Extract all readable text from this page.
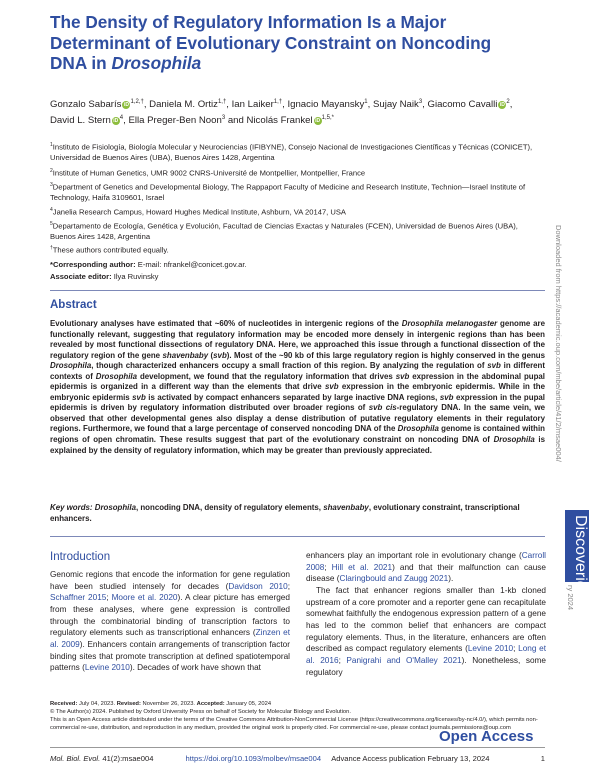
The Density of Regulatory Information Is a Major Determinant of Evolutionary Constraint on Noncoding DNA in Drosophila
Gonzalo Sabarís $iD^{1,2,\dagger}$, Daniela M. Ortiz$^{1,\dagger}$, Ian Laiker$^{1,\dagger}$, Ignacio Mayansky$^1$, Sujay Naik$^3$, Giacomo Cavalli $iD^2$, David L. Stern $iD^4$, Ella Preger-Ben Noon$^3$ and Nicolás Frankel $iD^{1,5,*}$
*Corresponding author: E-mail: nfrankel@conicet.gov.ar.
Associate editor: Ilya Ruvinsky
Abstract
Evolutionary analyses have estimated that ~60% of nucleotides in intergenic regions of the Drosophila melanogaster genome are functionally relevant, suggesting that regulatory information may be encoded more densely in intergenic regions than has been revealed by most functional dissections of regulatory DNA. Here, we approached this issue through a functional dissection of the regulatory region of the gene shavenbaby (svb). Most of the ~90 kb of this large regulatory region is highly conserved in the genus Drosophila, though characterized enhancers occupy a small fraction of this region. By analyzing the regulation of svb in different contexts of Drosophila development, we found that the regulatory information that drives svb expression in the abdominal pupal epidermis is organized in a different way than the elements that drive svb expression in the embryonic epidermis. While in the embryonic epidermis svb is activated by compact enhancers separated by large inactive DNA regions, svb expression in the pupal epidermis is driven by regulatory information distributed over broader regions of svb cis-regulatory DNA. In the same vein, we observed that other developmental genes also display a dense distribution of putative regulatory elements in their regulatory regions. Furthermore, we found that a large percentage of conserved noncoding DNA of the Drosophila genome is contained within regions of open chromatin. These results suggest that part of the evolutionary constraint on noncoding DNA of Drosophila is explained by the density of regulatory information, which may be greater than previously appreciated.
Key words: Drosophila, noncoding DNA, density of regulatory elements, shavenbaby, evolutionary constraint, transcriptional enhancers.
Introduction

Genomic regions that encode the information for gene regulation have been studied intensely for decades (Davidson 2010; Schaffner 2015; Moore et al. 2020). A clear picture has emerged from these analyses, where gene expression is controlled through the combinatorial binding of transcription factors to regulatory elements such as transcriptional enhancers (Zinzen et al. 2009). Enhancers contain arrangements of transcription factor binding sites that promote transcription at defined spatiotemporal patterns (Levine 2010). Decades of work have shown that

enhancers play an important role in evolutionary change (Carroll 2008; Hill et al. 2021) and that their malfunction can cause disease (Claringbould and Zaugg 2021).

The fact that enhancer regions smaller than 1-kb cloned upstream of a core promoter and a reporter gene can recapitulate somewhat faithfully the endogenous expression pattern of a gene has led to the common belief that enhancers are compact regulatory elements. Thus, in the literature, enhancers are often described as compact regulatory elements (Levine 2010; Long et al. 2016; Panigrahi and O'Malley 2021). Nonetheless, some regulatory

Received: July 04, 2023. Revised: November 26, 2023. Accepted: January 05, 2024
© The Author(s) 2024. Published by Oxford University Press on behalf of Society for Molecular Biology and Evolution.
This is an Open Access article distributed under the terms of the Creative Commons Attribution-NonCommercial License (https://creativecommons.org/licenses/by-nc/4.0/), which permits non-commercial re-use, distribution, and reproduction in any medium, provided the original work is properly cited. For commercial re-use, please contact journals.permissions@oup.com
Open Access
Mol. Biol. Evol. 41(2):msae004	https://doi.org/10.1093/molbev/msae004 Advance Access publication February 13, 2024	1
Downloaded from https://academic.oup.com/mbe/article/41/2/msae004/
Discoveries
ry 2024
$^1$Instituto de Fisiología, Biología Molecular y Neurociencias (IFIBYNE), Consejo Nacional de Investigaciones Científicas y Técnicas (CONICET), Universidad de Buenos Aires (UBA), Buenos Aires 1428, Argentina
$^2$Institute of Human Genetics, UMR 9002 CNRS-Université de Montpellier, Montpellier, France
$^3$Department of Genetics and Developmental Biology, The Rappaport Faculty of Medicine and Research Institute, Technion—Israel Institute of Technology, Haifa 3109601, Israel
$^4$Janelia Research Campus, Howard Hughes Medical Institute, Ashburn, VA 20147, USA
$^5$Departamento de Ecología, Genética y Evolución, Facultad de Ciencias Exactas y Naturales (FCEN), Universidad de Buenos Aires (UBA), Buenos Aires 1428, Argentina
†These authors contributed equally.
